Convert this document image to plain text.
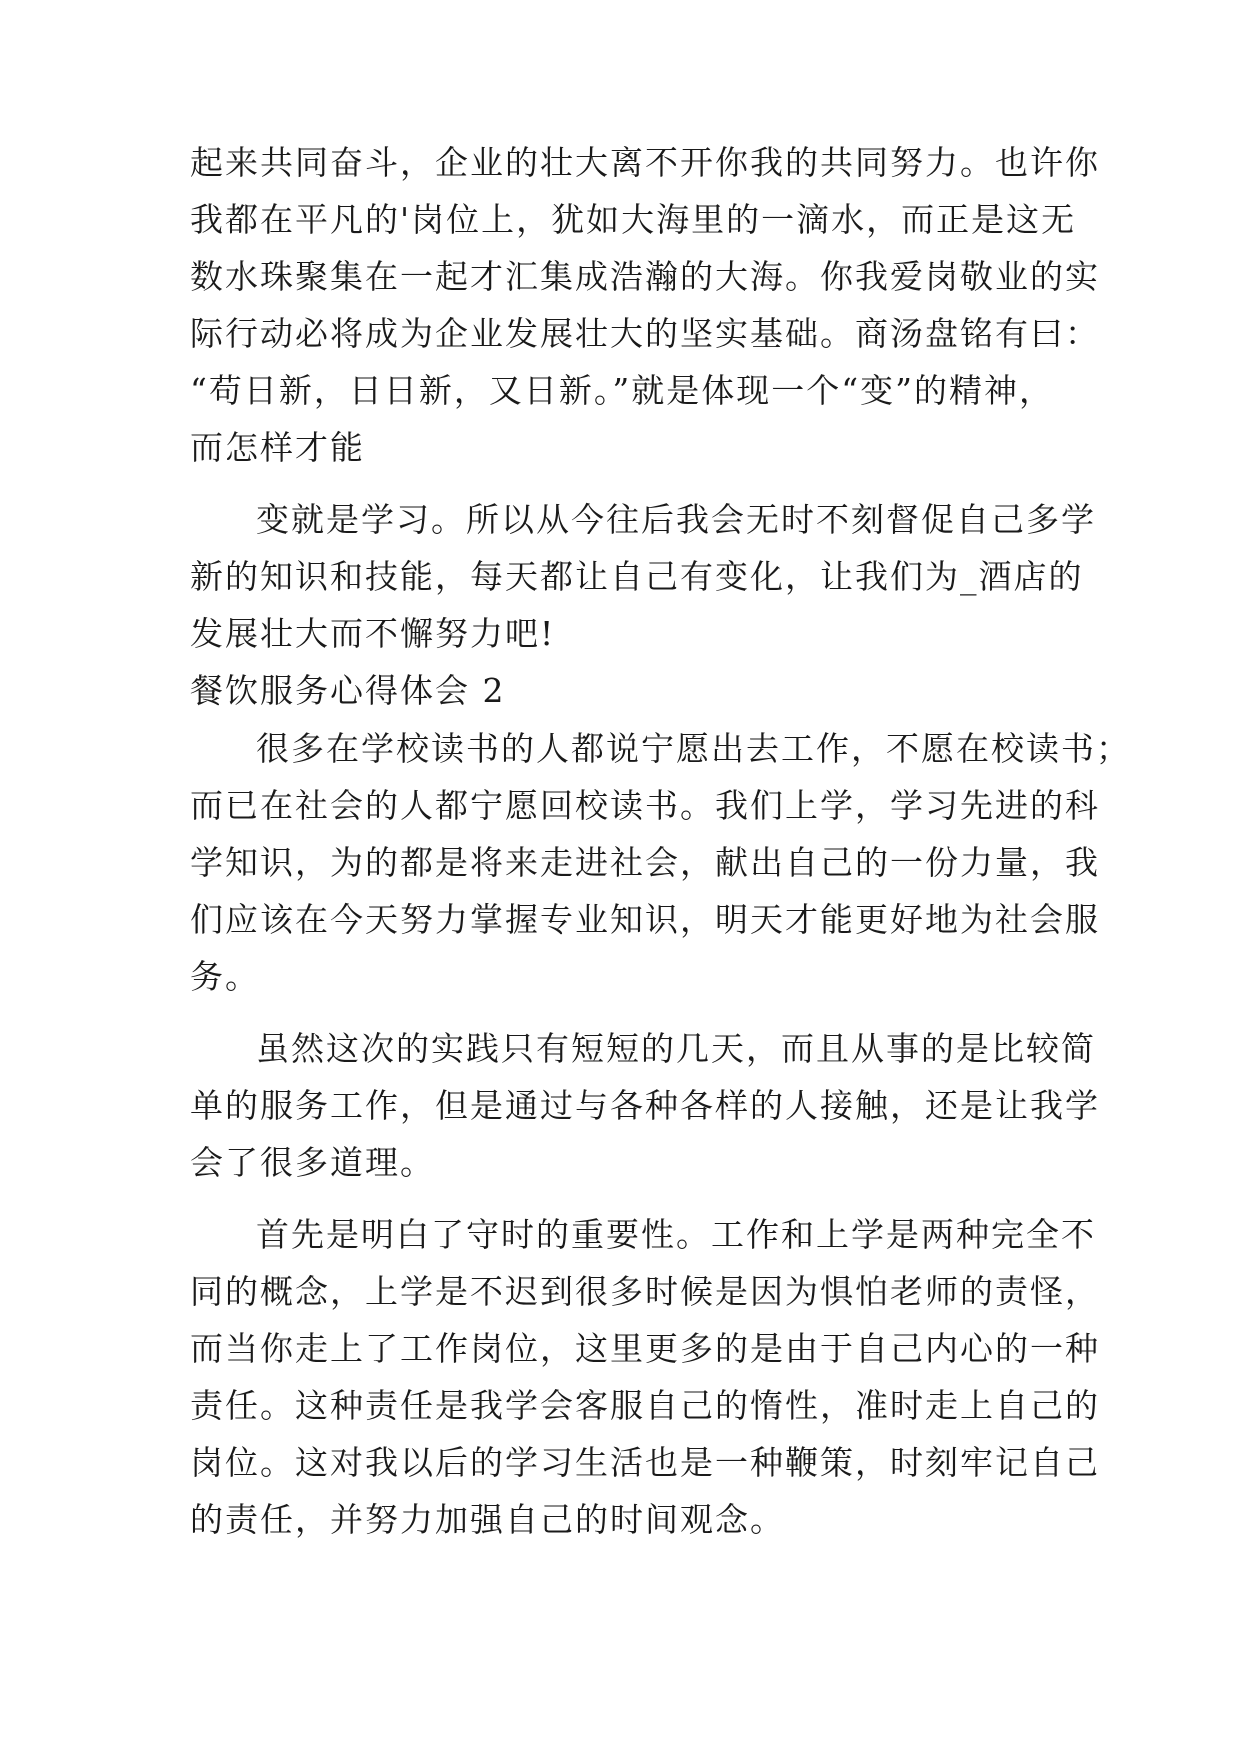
起来共同奋斗，企业的壮大离不开你我的共同努力。也许你
我都在平凡的'岗位上，犹如大海里的一滴水，而正是这无
数水珠聚集在一起才汇集成浩瀚的大海。你我爱岗敬业的实
际行动必将成为企业发展壮大的坚实基础。商汤盘铭有曰：
“苟日新，日日新，又日新。”就是体现一个“变”的精神，
而怎样才能
变就是学习。所以从今往后我会无时不刻督促自己多学
新的知识和技能，每天都让自己有变化，让我们为_酒店的
发展壮大而不懈努力吧!
餐饮服务心得体会 2
很多在学校读书的人都说宁愿出去工作，不愿在校读书；
而已在社会的人都宁愿回校读书。我们上学，学习先进的科
学知识，为的都是将来走进社会，献出自己的一份力量，我
们应该在今天努力掌握专业知识，明天才能更好地为社会服
务。
虽然这次的实践只有短短的几天，而且从事的是比较简
单的服务工作，但是通过与各种各样的人接触，还是让我学
会了很多道理。
首先是明白了守时的重要性。工作和上学是两种完全不
同的概念，上学是不迟到很多时候是因为惧怕老师的责怪，
而当你走上了工作岗位，这里更多的是由于自己内心的一种
责任。这种责任是我学会客服自己的惰性，准时走上自己的
岗位。这对我以后的学习生活也是一种鞭策，时刻牢记自己
的责任，并努力加强自己的时间观念。
